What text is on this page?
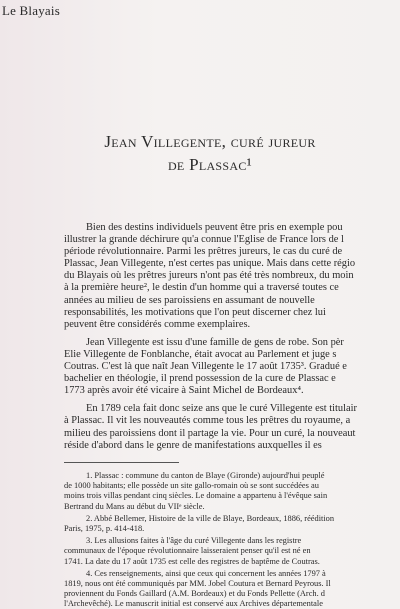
Le Blayais
Jean Villegente, curé jureur
de Plassac¹

Bien des destins individuels peuvent être pris en exemple pou
illustrer la grande déchirure qu'a connue l'Eglise de France lors de l
période révolutionnaire. Parmi les prêtres jureurs, le cas du curé de
Plassac, Jean Villegente, n'est certes pas unique. Mais dans cette régio
du Blayais où les prêtres jureurs n'ont pas été très nombreux, du moin
à la première heure², le destin d'un homme qui a traversé toutes ce
années au milieu de ses paroissiens en assumant de nouvelle
responsabilités, les motivations que l'on peut discerner chez lui
peuvent être considérés comme exemplaires.

Jean Villegente est issu d'une famille de gens de robe. Son pèr
Elie Villegente de Fonblanche, était avocat au Parlement et juge s
Coutras. C'est là que naît Jean Villegente le 17 août 1735³. Gradué e
bachelier en théologie, il prend possession de la cure de Plassac e
1773 après avoir été vicaire à Saint Michel de Bordeaux⁴.

En 1789 cela fait donc seize ans que le curé Villegente est titulair
à Plassac. Il vit les nouveautés comme tous les prêtres du royaume, a
milieu des paroissiens dont il partage la vie. Pour un curé, la nouveaut
réside d'abord dans le genre de manifestations auxquelles il es

1. Plassac : commune du canton de Blaye (Gironde) aujourd'hui peuplé
de 1000 habitants; elle possède un site gallo-romain où se sont succédées au
moins trois villas pendant cinq siècles. Le domaine a appartenu à l'évêque sain
Bertrand du Mans au début du VIIᵉ siècle.
2. Abbé Bellemer, Histoire de la ville de Blaye, Bordeaux, 1886, réédition
Paris, 1975, p. 414-418.
3. Les allusions faites à l'âge du curé Villegente dans les registre
communaux de l'époque révolutionnaire laisseraient penser qu'il est né en
1741. La date du 17 août 1735 est celle des registres de baptême de Coutras.
4. Ces renseignements, ainsi que ceux qui concernent les années 1797 à
1819, nous ont été communiqués par MM. Jobel Coutura et Bernard Peyrous. Il
proviennent du Fonds Gaillard (A.M. Bordeaux) et du Fonds Pellette (Arch. d
l'Archevêché). Le manuscrit initial est conservé aux Archives départementale
